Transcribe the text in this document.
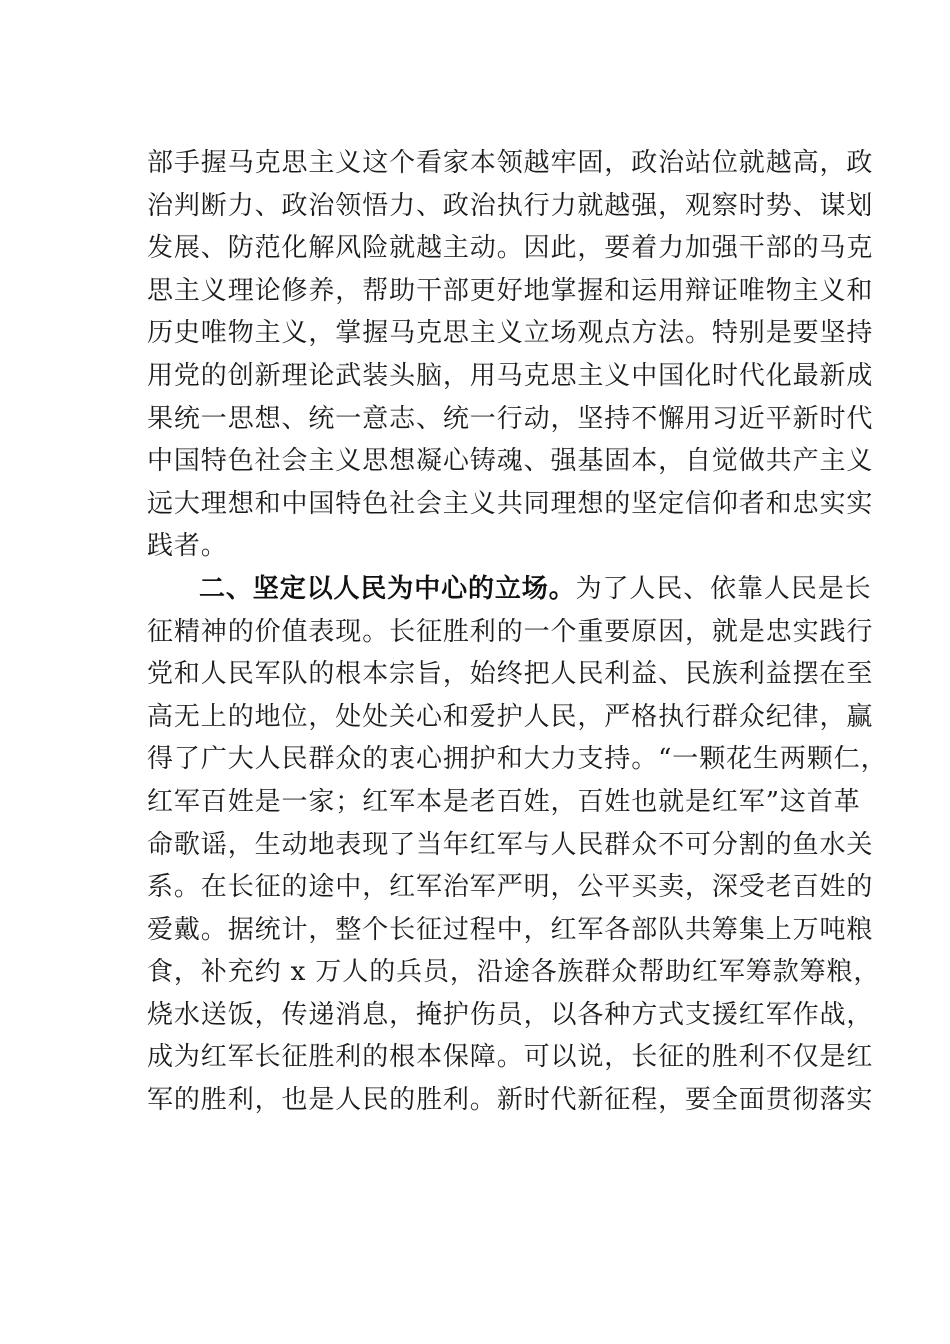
部手握马克思主义这个看家本领越牢固，政治站位就越高，政
治判断力、政治领悟力、政治执行力就越强，观察时势、谋划
发展、防范化解风险就越主动。因此，要着力加强干部的马克
思主义理论修养，帮助干部更好地掌握和运用辩证唯物主义和
历史唯物主义，掌握马克思主义立场观点方法。特别是要坚持
用党的创新理论武装头脑，用马克思主义中国化时代化最新成
果统一思想、统一意志、统一行动，坚持不懈用习近平新时代
中国特色社会主义思想凝心铸魂、强基固本，自觉做共产主义
远大理想和中国特色社会主义共同理想的坚定信仰者和忠实实
践者。
二、坚定以人民为中心的立场。为了人民、依靠人民是长
征精神的价值表现。长征胜利的一个重要原因，就是忠实践行
党和人民军队的根本宗旨，始终把人民利益、民族利益摆在至
高无上的地位，处处关心和爱护人民，严格执行群众纪律，赢
得了广大人民群众的衷心拥护和大力支持。“一颗花生两颗仁，
红军百姓是一家；红军本是老百姓，百姓也就是红军”这首革
命歌谣，生动地表现了当年红军与人民群众不可分割的鱼水关
系。在长征的途中，红军治军严明，公平买卖，深受老百姓的
爱戴。据统计，整个长征过程中，红军各部队共筹集上万吨粮
食，补充约 x 万人的兵员，沿途各族群众帮助红军筹款筹粮，
烧水送饭，传递消息，掩护伤员，以各种方式支援红军作战，
成为红军长征胜利的根本保障。可以说，长征的胜利不仅是红
军的胜利，也是人民的胜利。新时代新征程，要全面贯彻落实
